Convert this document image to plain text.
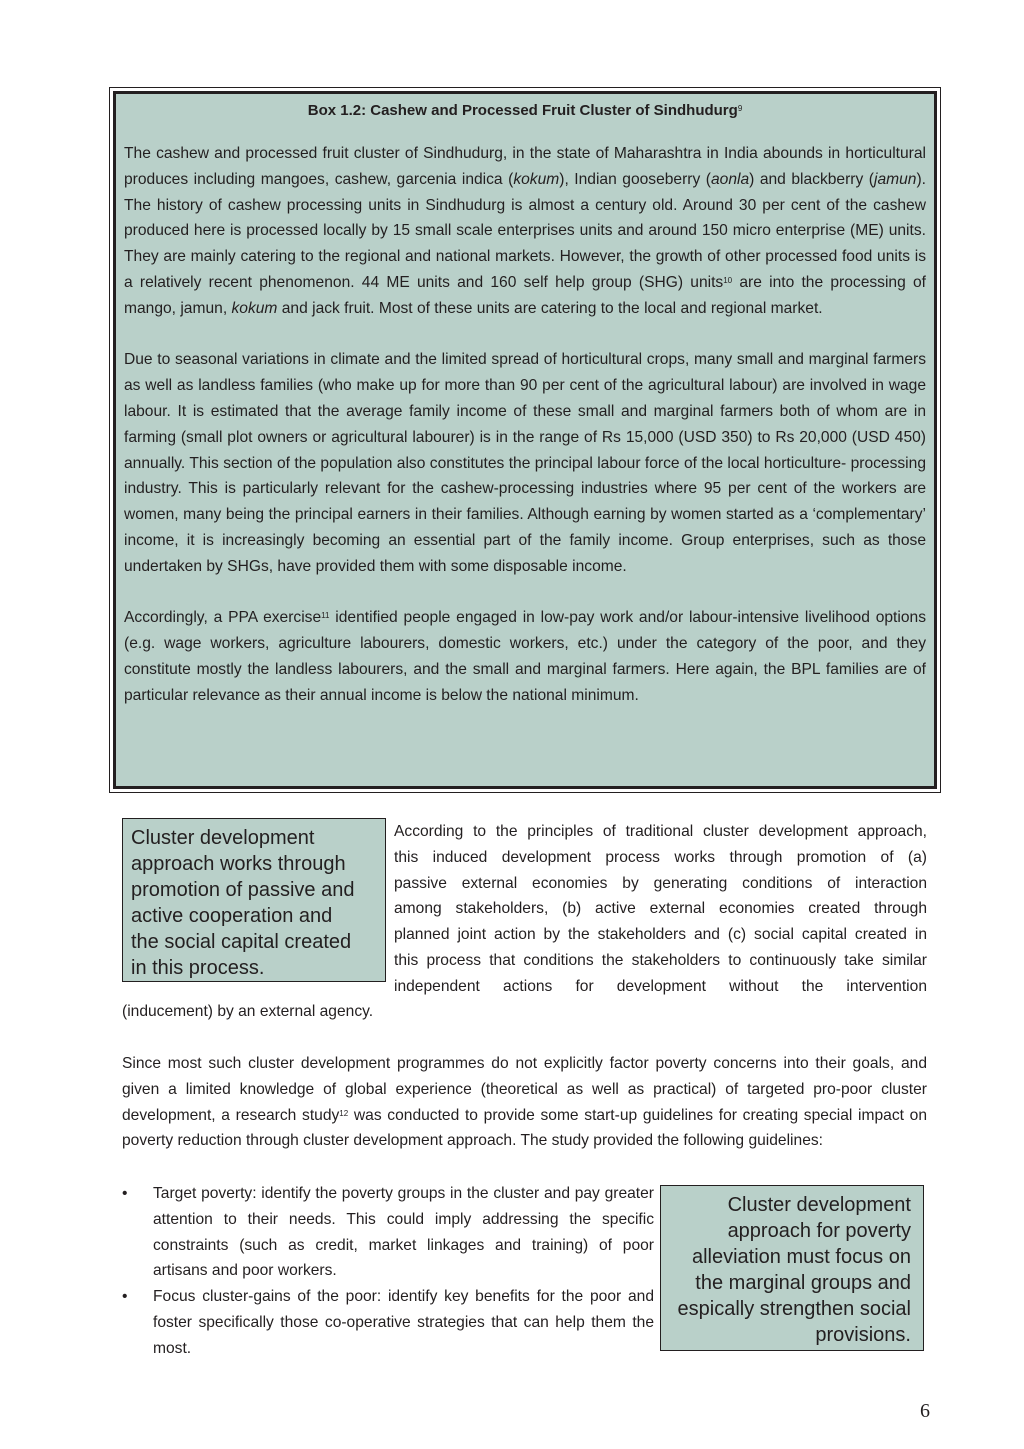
Box 1.2: Cashew and Processed Fruit Cluster of Sindhudurg$^9$

The cashew and processed fruit cluster of Sindhudurg, in the state of Maharashtra in India abounds in horticultural produces including mangoes, cashew, garcenia indica (kokum), Indian gooseberry (aonla) and blackberry (jamun). The history of cashew processing units in Sindhudurg is almost a century old. Around 30 per cent of the cashew produced here is processed locally by 15 small scale enterprises units and around 150 micro enterprise (ME) units. They are mainly catering to the regional and national markets. However, the growth of other processed food units is a relatively recent phenomenon. 44 ME units and 160 self help group (SHG) units$^{10}$ are into the processing of mango, jamun, kokum and jack fruit. Most of these units are catering to the local and regional market.

Due to seasonal variations in climate and the limited spread of horticultural crops, many small and marginal farmers as well as landless families (who make up for more than 90 per cent of the agricultural labour) are involved in wage labour. It is estimated that the average family income of these small and marginal farmers both of whom are in farming (small plot owners or agricultural labourer) is in the range of Rs 15,000 (USD 350) to Rs 20,000 (USD 450) annually. This section of the population also constitutes the principal labour force of the local horticulture- processing industry. This is particularly relevant for the cashew-processing industries where 95 per cent of the workers are women, many being the principal earners in their families. Although earning by women started as a ‘complementary’ income, it is increasingly becoming an essential part of the family income. Group enterprises, such as those undertaken by SHGs, have provided them with some disposable income.

Accordingly, a PPA exercise$^{11}$ identified people engaged in low-pay work and/or labour-intensive livelihood options (e.g. wage workers, agriculture labourers, domestic workers, etc.) under the category of the poor, and they constitute mostly the landless labourers, and the small and marginal farmers. Here again, the BPL families are of particular relevance as their annual income is below the national minimum.

Cluster development
approach works through
promotion of passive and
active cooperation and
the social capital created
in this process.
According to the principles of traditional cluster development approach,
this induced development process works through promotion of (a)
passive external economies by generating conditions of interaction
among stakeholders, (b) active external economies created through
planned joint action by the stakeholders and (c) social capital created in
this process that conditions the stakeholders to continuously take similar
independent actions for development without the intervention
(inducement) by an external agency.
Since most such cluster development programmes do not explicitly factor poverty concerns into their goals, and given a limited knowledge of global experience (theoretical as well as practical) of targeted pro-poor cluster development, a research study$^{12}$ was conducted to provide some start-up guidelines for creating special impact on poverty reduction through cluster development approach. The study provided the following guidelines:
•	Target poverty: identify the poverty groups in the cluster and pay greater attention to their needs. This could imply addressing the specific constraints (such as credit, market linkages and training) of poor artisans and poor workers.
•	Focus cluster-gains of the poor: identify key benefits for the poor and foster specifically those co-operative strategies that can help them the most.
Cluster development
approach for poverty
alleviation must focus on
the marginal groups and
espically strengthen social
provisions.
6
